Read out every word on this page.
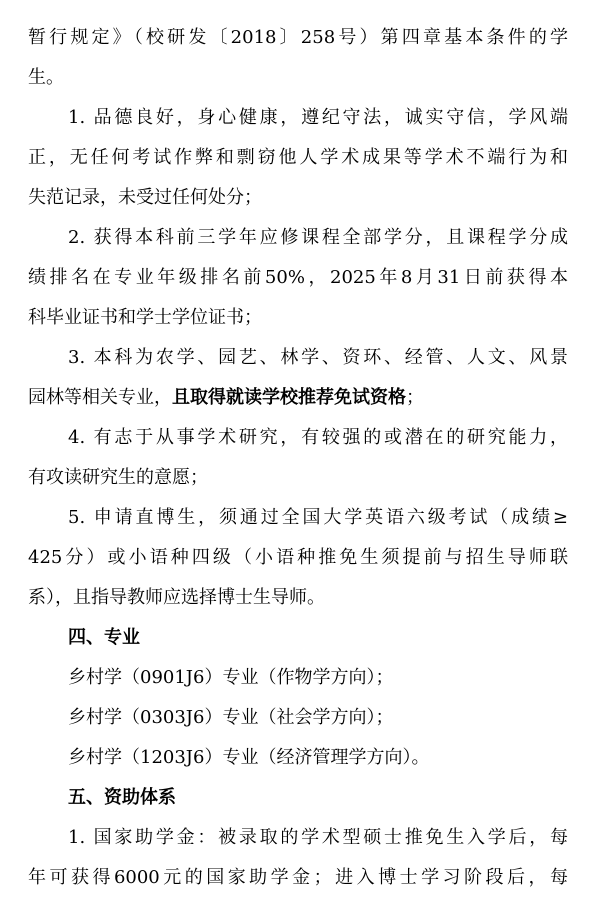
暂行规定》（校研发〔2018〕258号）第四章基本条件的学
生。
1. 品德良好，身心健康，遵纪守法，诚实守信，学风端
正，无任何考试作弊和剽窃他人学术成果等学术不端行为和
失范记录，未受过任何处分；
2. 获得本科前三学年应修课程全部学分，且课程学分成
绩排名在专业年级排名前50%，2025年8月31日前获得本
科毕业证书和学士学位证书；
3. 本科为农学、园艺、林学、资环、经管、人文、风景
园林等相关专业，且取得就读学校推荐免试资格；
4. 有志于从事学术研究，有较强的或潜在的研究能力，
有攻读研究生的意愿；
5. 申请直博生，须通过全国大学英语六级考试（成绩≥
425分）或小语种四级（小语种推免生须提前与招生导师联
系），且指导教师应选择博士生导师。
四、专业
乡村学（0901J6）专业（作物学方向）；
乡村学（0303J6）专业（社会学方向）；
乡村学（1203J6）专业（经济管理学方向）。
五、资助体系
1. 国家助学金：被录取的学术型硕士推免生入学后，每
年可获得6000元的国家助学金；进入博士学习阶段后，每
